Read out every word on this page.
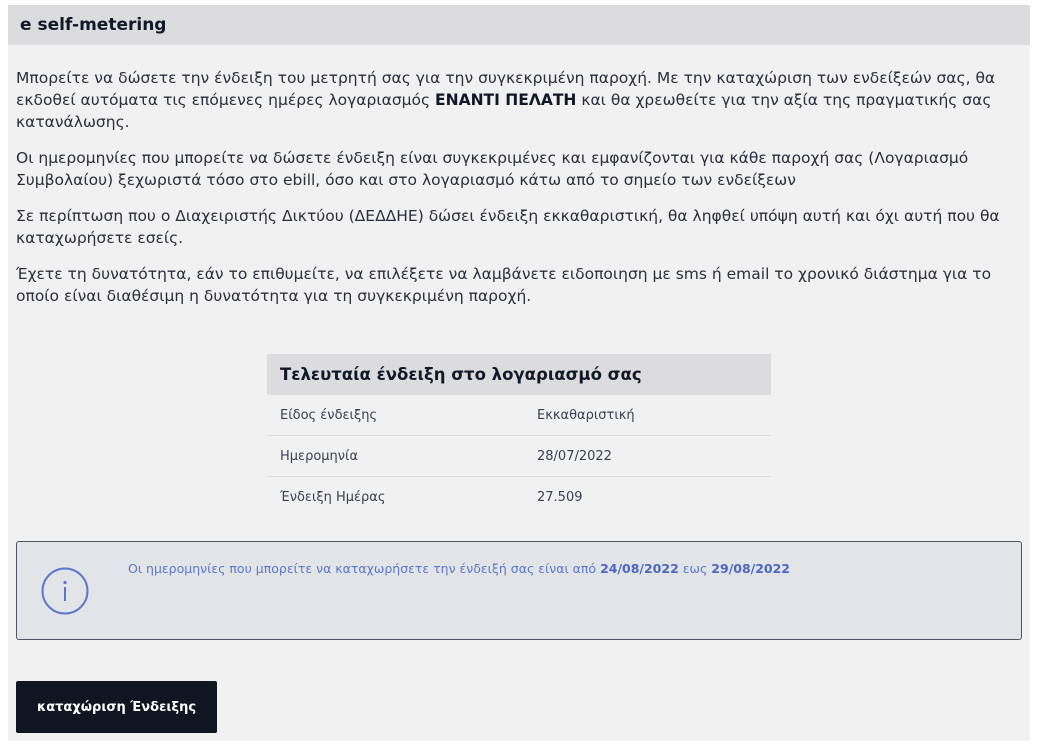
e self-metering

Μπορείτε να δώσετε την ένδειξη του μετρητή σας για την συγκεκριμένη παροχή. Με την καταχώριση των ενδείξεών σας, θα εκδοθεί αυτόματα τις επόμενες ημέρες λογαριασμός ΕΝΑΝΤΙ ΠΕΛΑΤΗ και θα χρεωθείτε για την αξία της πραγματικής σας κατανάλωσης.

Οι ημερομηνίες που μπορείτε να δώσετε ένδειξη είναι συγκεκριμένες και εμφανίζονται για κάθε παροχή σας (Λογαριασμό Συμβολαίου) ξεχωριστά τόσο στο ebill, όσο και στο λογαριασμό κάτω από το σημείο των ενδείξεων

Σε περίπτωση που ο Διαχειριστής Δικτύου (ΔΕΔΔΗΕ) δώσει ένδειξη εκκαθαριστική, θα ληφθεί υπόψη αυτή και όχι αυτή που θα καταχωρήσετε εσείς.

Έχετε τη δυνατότητα, εάν το επιθυμείτε, να επιλέξετε να λαμβάνετε ειδοποιηση με sms ή email το χρονικό διάστημα για το οποίο είναι διαθέσιμη η δυνατότητα για τη συγκεκριμένη παροχή.

Τελευταία ένδειξη στο λογαριασμό σας
Είδος ένδειξης	Εκκαθαριστική
Ημερομηνία	28/07/2022
Ένδειξη Ημέρας	27.509
Οι ημερομηνίες που μπορείτε να καταχωρήσετε την ένδειξή σας είναι από 24/08/2022 εως 29/08/2022
καταχώριση Ένδειξης
